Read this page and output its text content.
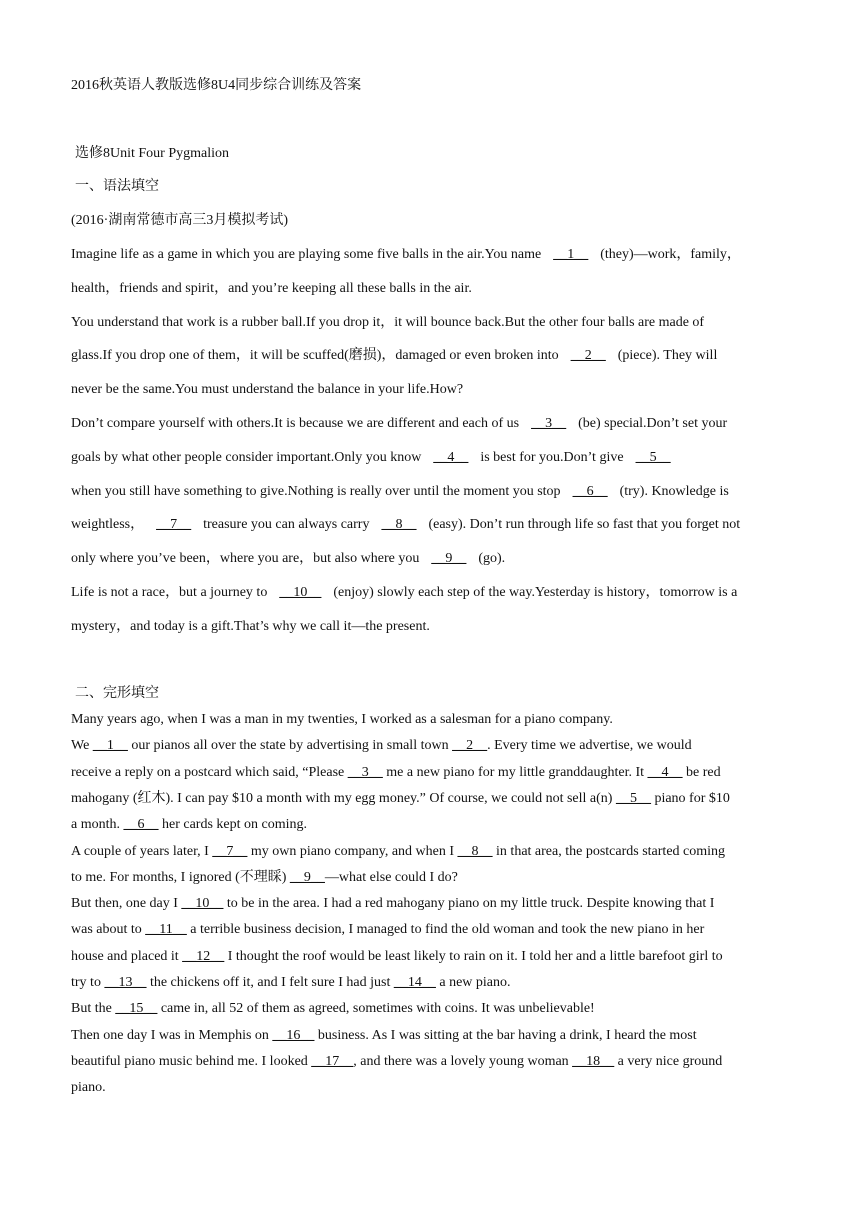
2016秋英语人教版选修8U4同步综合训练及答案
选修8Unit Four Pygmalion
一、语法填空
(2016·湖南常德市高三3月模拟考试)
Imagine life as a game in which you are playing some five balls in the air.You name __1__ (they)—work，family，
health，friends and spirit，and you’re keeping all these balls in the air.
You understand that work is a rubber ball.If you drop it，it will bounce back.But the other four balls are made of
glass.If you drop one of them，it will be scuffed(磨损)，damaged or even broken into __2__ (piece). They will
never be the same.You must understand the balance in your life.How?
Don’t compare yourself with others.It is because we are different and each of us __3__ (be) special.Don’t set your
goals by what other people consider important.Only you know __4__ is best for you.Don’t give __5__
when you still have something to give.Nothing is really over until the moment you stop __6__ (try). Knowledge is
weightless， __7__ treasure you can always carry __8__ (easy). Don’t run through life so fast that you forget not
only where you’ve been，where you are，but also where you __9__ (go).
Life is not a race，but a journey to __10__ (enjoy) slowly each step of the way.Yesterday is history，tomorrow is a
mystery，and today is a gift.That’s why we call it—the present.
二、完形填空
Many years ago, when I was a man in my twenties, I worked as a salesman for a piano company.
We __1__ our pianos all over the state by advertising in small town __2__. Every time we advertise, we would
receive a reply on a postcard which said, “Please __3__ me a new piano for my little granddaughter. It __4__ be red
mahogany (红木). I can pay $10 a month with my egg money.” Of course, we could not sell a(n) __5__ piano for $10
a month. __6__ her cards kept on coming.
A couple of years later, I __7__ my own piano company, and when I __8__ in that area, the postcards started coming
to me. For months, I ignored (不理睬) __9__—what else could I do?
But then, one day I __10__ to be in the area. I had a red mahogany piano on my little truck. Despite knowing that I
was about to __11__ a terrible business decision, I managed to find the old woman and took the new piano in her
house and placed it __12__ I thought the roof would be least likely to rain on it. I told her and a little barefoot girl to
try to __13__ the chickens off it, and I felt sure I had just __14__ a new piano.
But the __15__ came in, all 52 of them as agreed, sometimes with coins. It was unbelievable!
Then one day I was in Memphis on __16__ business. As I was sitting at the bar having a drink, I heard the most
beautiful piano music behind me. I looked __17__, and there was a lovely young woman __18__ a very nice ground
piano.
